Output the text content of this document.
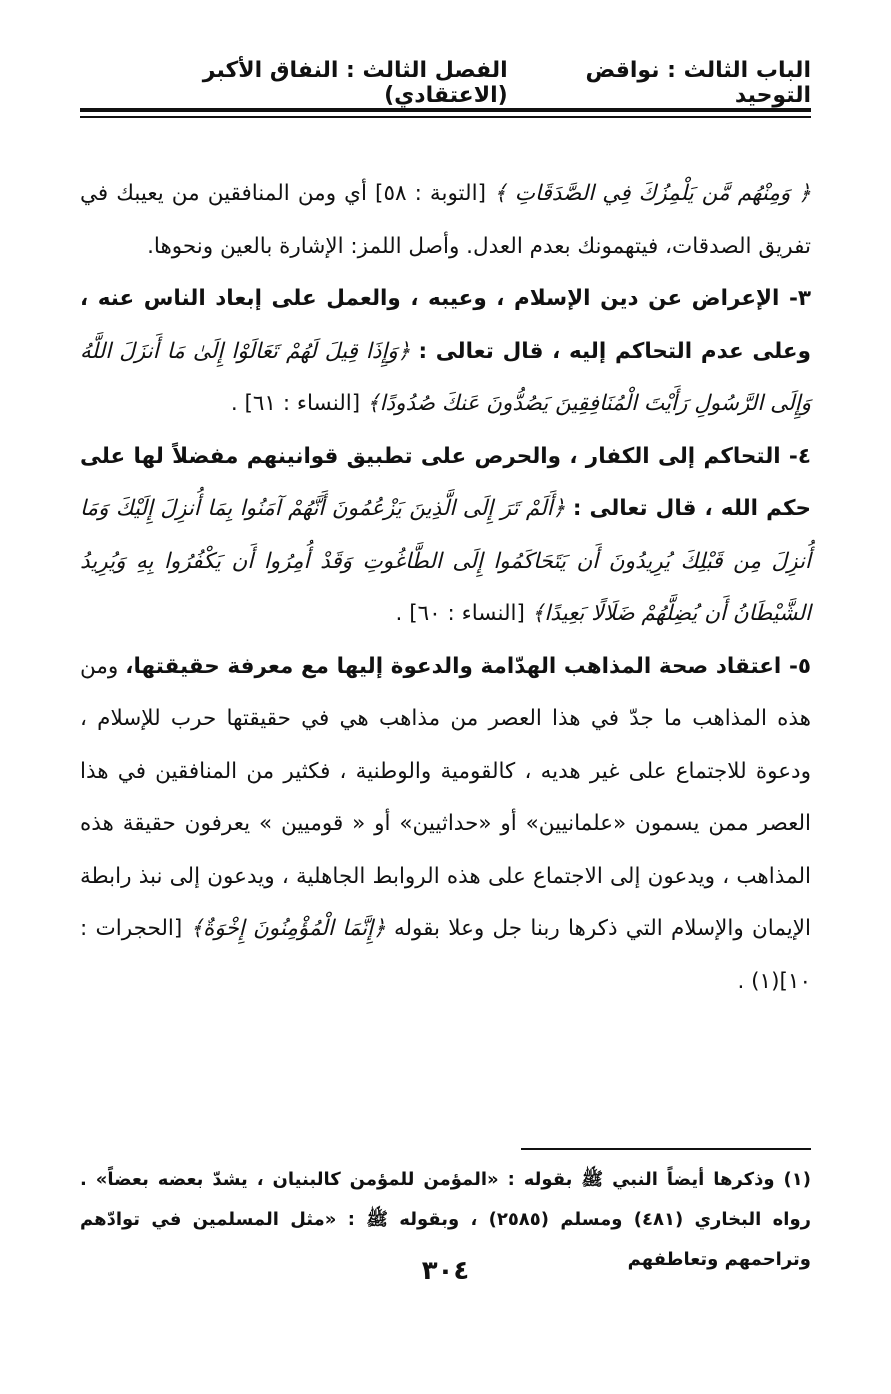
الباب الثالث : نواقض التوحيد
الفصل الثالث : النفاق الأكبر (الاعتقادي)

﴿ وَمِنْهُم مَّن يَلْمِزُكَ فِي الصَّدَقَاتِ ﴾ [التوبة : ٥٨] أي ومن المنافقين من يعيبك في تفريق الصدقات، فيتهمونك بعدم العدل. وأصل اللمز: الإشارة بالعين ونحوها.

٣- الإعراض عن دين الإسلام ، وعيبه ، والعمل على إبعاد الناس عنه ، وعلى عدم التحاكم إليه ، قال تعالى : ﴿وَإِذَا قِيلَ لَهُمْ تَعَالَوْا إِلَىٰ مَا أَنزَلَ اللَّهُ وَإِلَى الرَّسُولِ رَأَيْتَ الْمُنَافِقِينَ يَصُدُّونَ عَنكَ صُدُودًا﴾ [النساء : ٦١] .

٤- التحاكم إلى الكفار ، والحرص على تطبيق قوانينهم مفضلاً لها على حكم الله ، قال تعالى : ﴿أَلَمْ تَرَ إِلَى الَّذِينَ يَزْعُمُونَ أَنَّهُمْ آمَنُوا بِمَا أُنزِلَ إِلَيْكَ وَمَا أُنزِلَ مِن قَبْلِكَ يُرِيدُونَ أَن يَتَحَاكَمُوا إِلَى الطَّاغُوتِ وَقَدْ أُمِرُوا أَن يَكْفُرُوا بِهِ وَيُرِيدُ الشَّيْطَانُ أَن يُضِلَّهُمْ ضَلَالًا بَعِيدًا﴾ [النساء : ٦٠] .

٥- اعتقاد صحة المذاهب الهدّامة والدعوة إليها مع معرفة حقيقتها، ومن هذه المذاهب ما جدّ في هذا العصر من مذاهب هي في حقيقتها حرب للإسلام ، ودعوة للاجتماع على غير هديه ، كالقومية والوطنية ، فكثير من المنافقين في هذا العصر ممن يسمون «علمانيين» أو «حداثيين» أو « قوميين » يعرفون حقيقة هذه المذاهب ، ويدعون إلى الاجتماع على هذه الروابط الجاهلية ، ويدعون إلى نبذ رابطة الإيمان والإسلام التي ذكرها ربنا جل وعلا بقوله ﴿إِنَّمَا الْمُؤْمِنُونَ إِخْوَةٌ﴾ [الحجرات : ١٠](١) .

(١) وذكرها أيضاً النبي ﷺ بقوله : «المؤمن للمؤمن كالبنيان ، يشدّ بعضه بعضاً» . رواه البخاري (٤٨١) ومسلم (٢٥٨٥) ، وبقوله ﷺ : «مثل المسلمين في توادّهم وتراحمهم وتعاطفهم
٣٠٤
